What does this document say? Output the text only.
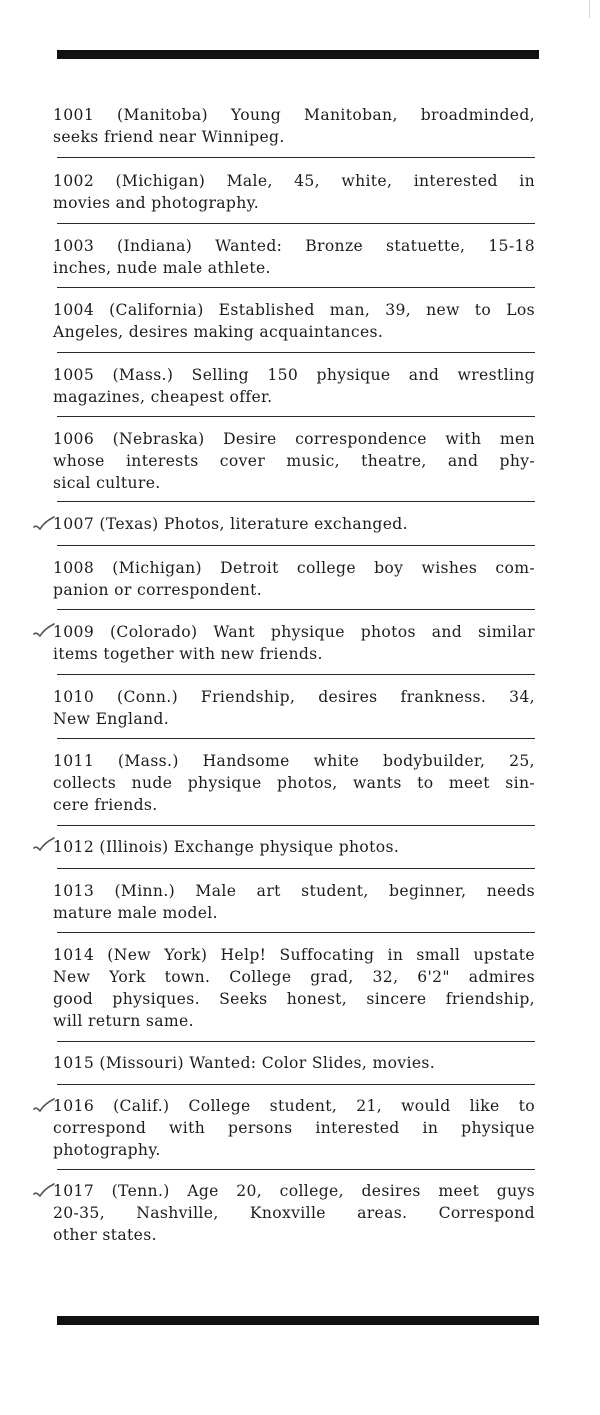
1001 (Manitoba) Young Manitoban, broadminded,
seeks friend near Winnipeg.
1002 (Michigan) Male, 45, white, interested in
movies and photography.
1003 (Indiana) Wanted: Bronze statuette, 15-18
inches, nude male athlete.
1004 (California) Established man, 39, new to Los
Angeles, desires making acquaintances.
1005 (Mass.) Selling 150 physique and wrestling
magazines, cheapest offer.
1006 (Nebraska) Desire correspondence with men
whose interests cover music, theatre, and phy-
sical culture.
1007 (Texas) Photos, literature exchanged.
1008 (Michigan) Detroit college boy wishes com-
panion or correspondent.
1009 (Colorado) Want physique photos and similar
items together with new friends.
1010 (Conn.) Friendship, desires frankness. 34,
New England.
1011 (Mass.) Handsome white bodybuilder, 25,
collects nude physique photos, wants to meet sin-
cere friends.
1012 (Illinois) Exchange physique photos.
1013 (Minn.) Male art student, beginner, needs
mature male model.
1014 (New York) Help! Suffocating in small upstate
New York town. College grad, 32, 6'2" admires
good physiques. Seeks honest, sincere friendship,
will return same.
1015 (Missouri) Wanted: Color Slides, movies.
1016 (Calif.) College student, 21, would like to
correspond with persons interested in physique
photography.
1017 (Tenn.) Age 20, college, desires meet guys
20-35, Nashville, Knoxville areas. Correspond
other states.
